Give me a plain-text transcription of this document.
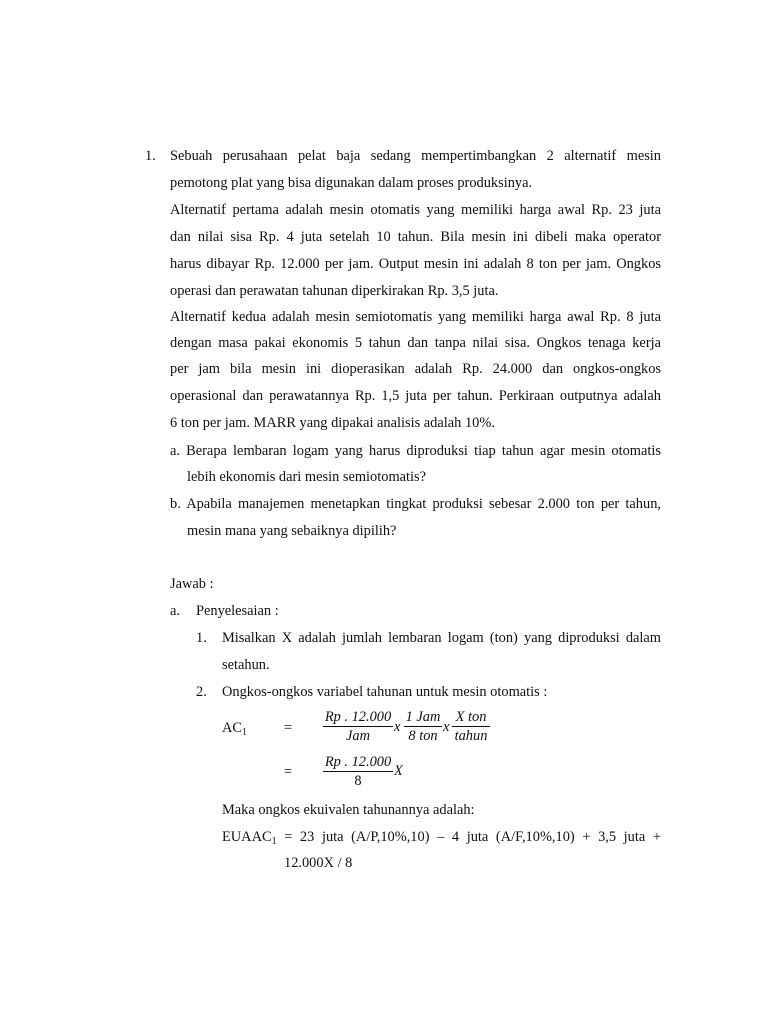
1. Sebuah perusahaan pelat baja sedang mempertimbangkan 2 alternatif mesin
pemotong plat yang bisa digunakan dalam proses produksinya.
Alternatif pertama adalah mesin otomatis yang memiliki harga awal Rp. 23 juta
dan nilai sisa Rp. 4 juta setelah 10 tahun. Bila mesin ini dibeli maka operator
harus dibayar Rp. 12.000 per jam. Output mesin ini adalah 8 ton per jam. Ongkos
operasi dan perawatan tahunan diperkirakan Rp. 3,5 juta.
Alternatif kedua adalah mesin semiotomatis yang memiliki harga awal Rp. 8 juta
dengan masa pakai ekonomis 5 tahun dan tanpa nilai sisa. Ongkos tenaga kerja
per jam bila mesin ini dioperasikan adalah Rp. 24.000 dan ongkos-ongkos
operasional dan perawatannya Rp. 1,5 juta per tahun. Perkiraan outputnya adalah
6 ton per jam. MARR yang dipakai analisis adalah 10%.
a. Berapa lembaran logam yang harus diproduksi tiap tahun agar mesin otomatis
lebih ekonomis dari mesin semiotomatis?
b. Apabila manajemen menetapkan tingkat produksi sebesar 2.000 ton per tahun,
mesin mana yang sebaiknya dipilih?
Jawab :
a. Penyelesaian :
1. Misalkan X adalah jumlah lembaran logam (ton) yang diproduksi dalam
setahun.
2. Ongkos-ongkos variabel tahunan untuk mesin otomatis :
$AC_1$	=
Rp . 12.000
Jam
x
1 Jam
8 ton
x
X ton
tahun
= $\frac{Rp . 12.000}{8}$ X
Maka ongkos ekuivalen tahunannya adalah:
$EUAAC_1 = 23$ juta (A/P,10%,10) – 4 juta (A/F,10%,10) + 3,5 juta +
12.000X / 8
